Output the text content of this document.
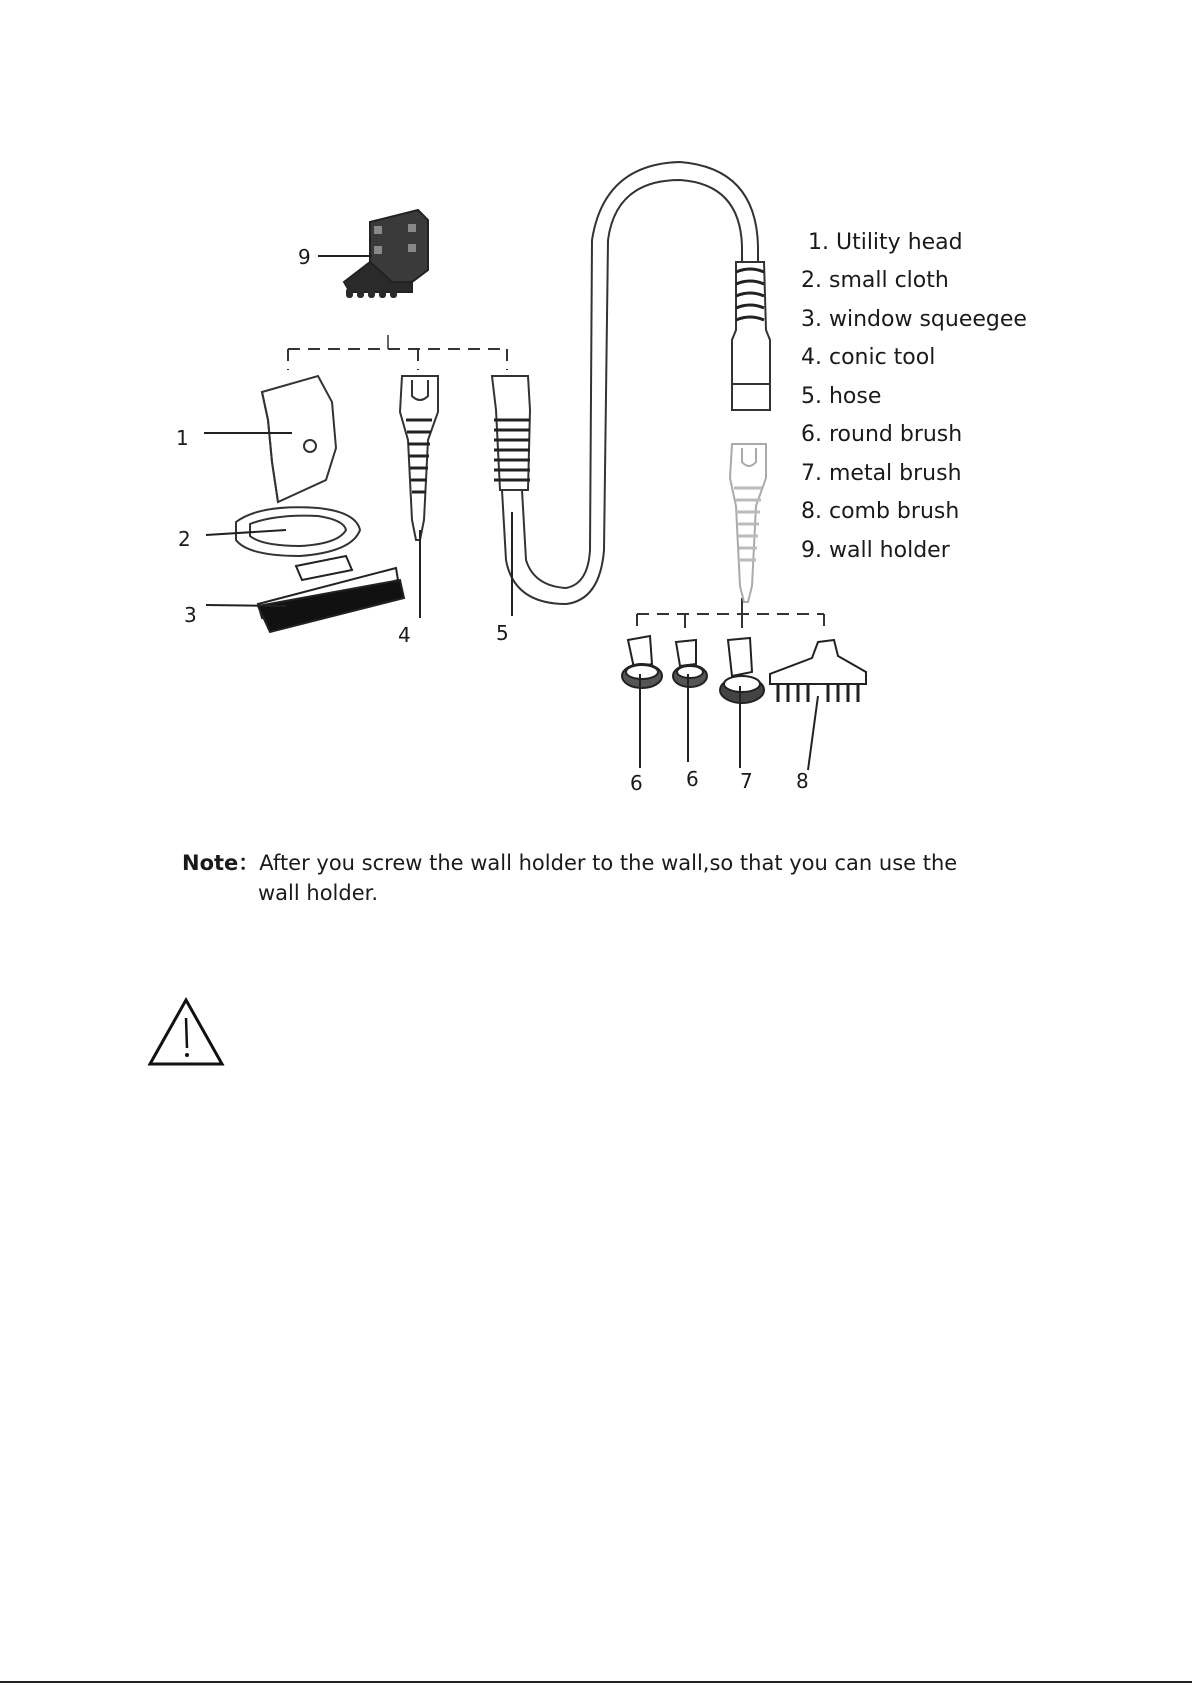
9
1
2
3
4	5
6 6 7 8
1. Utility head
2. small cloth
3. window squeegee
4. conic tool
5. hose
6. round brush
7. metal brush
8. comb brush
9. wall holder
Note：After you screw the wall holder to the wall,so that you can use the
wall holder.
